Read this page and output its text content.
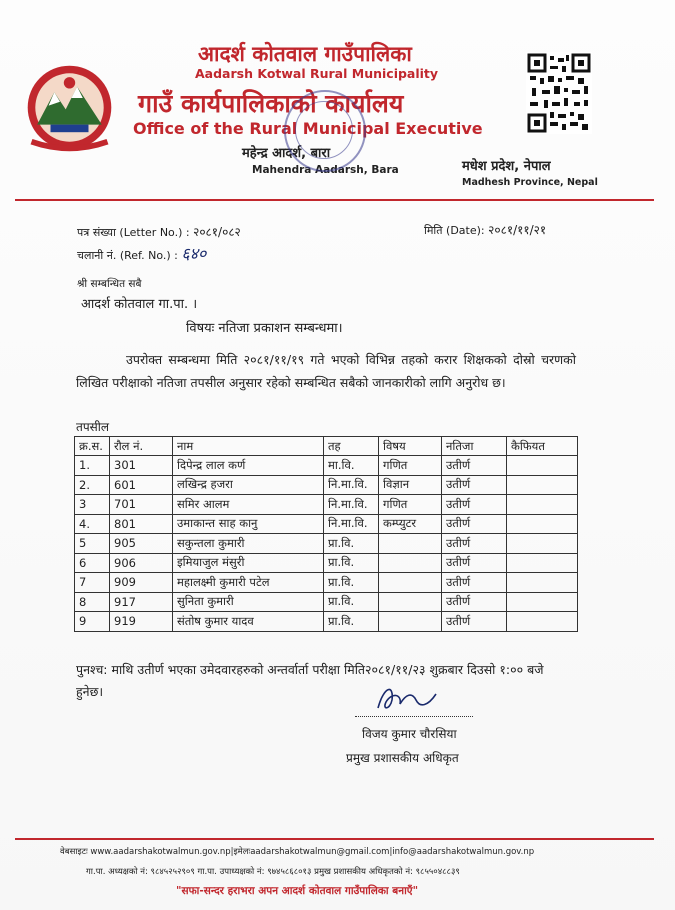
आदर्श कोतवाल गाउँपालिका
Aadarsh Kotwal Rural Municipality
गाउँ कार्यपालिकाको कार्यालय
Office of the Rural Municipal Executive
महेन्द्र आदर्श, बारा
Mahendra Aadarsh, Bara	मधेश प्रदेश, नेपाल
Madhesh Province, Nepal
पत्र संख्या (Letter No.) : २०८१/०८२
चलानी नं. (Ref. No.) : ६४०
मिति (Date): २०८१/११/२१
श्री सम्बन्धित सबै
आदर्श कोतवाल गा.पा. ।
विषयः नतिजा प्रकाशन सम्बन्धमा।
उपरोक्त सम्बन्धमा मिति २०८१/११/१९ गते भएको विभिन्न तहको करार शिक्षकको दोस्रो चरणको लिखित परीक्षाको नतिजा तपसील अनुसार रहेको सम्बन्धित सबैको जानकारीको लागि अनुरोध छ।
तपसील
क्र.स.	रौल नं.	नाम	तह	विषय	नतिजा	कैफियत
1.	301	दिपेन्द्र लाल कर्ण	मा.वि.	गणित	उतीर्ण	
2.	601	लखिन्द्र हजरा	नि.मा.वि.	विज्ञान	उतीर्ण	
3	701	समिर आलम	नि.मा.वि.	गणित	उतीर्ण	
4.	801	उमाकान्त साह कानु	नि.मा.वि.	कम्प्युटर	उतीर्ण	
5	905	सकुन्तला कुमारी	प्रा.वि.		उतीर्ण	
6	906	इमियाजुल मंसुरी	प्रा.वि.		उतीर्ण	
7	909	महालक्ष्मी कुमारी पटेल	प्रा.वि.		उतीर्ण	
8	917	सुनिता कुमारी	प्रा.वि.		उतीर्ण	
9	919	संतोष कुमार यादव	प्रा.वि.		उतीर्ण	
पुनश्च: माथि उतीर्ण भएका उमेदवारहरुको अन्तर्वार्ता परीक्षा मिति२०८१/११/२३ शुक्रबार दिउसो १:०० बजे हुनेछ।
विजय कुमार चौरसिया
प्रमुख प्रशासकीय अधिकृत
वेबसाइटः www.aadarshakotwalmun.gov.np|इमेलःaadarshakotwalmun@gmail.com|info@aadarshakotwalmun.gov.np
गा.पा. अध्यक्षको नं: ९८४५२५२९०९ गा.पा. उपाध्यक्षको नं: ९७४५८६८०१३ प्रमुख प्रशासकीय अधिकृतको नं: ९८५५०४८८३९
"सफा-सन्दर हराभरा अपन आदर्श कोतवाल गाउँपालिका बनाएँ"
